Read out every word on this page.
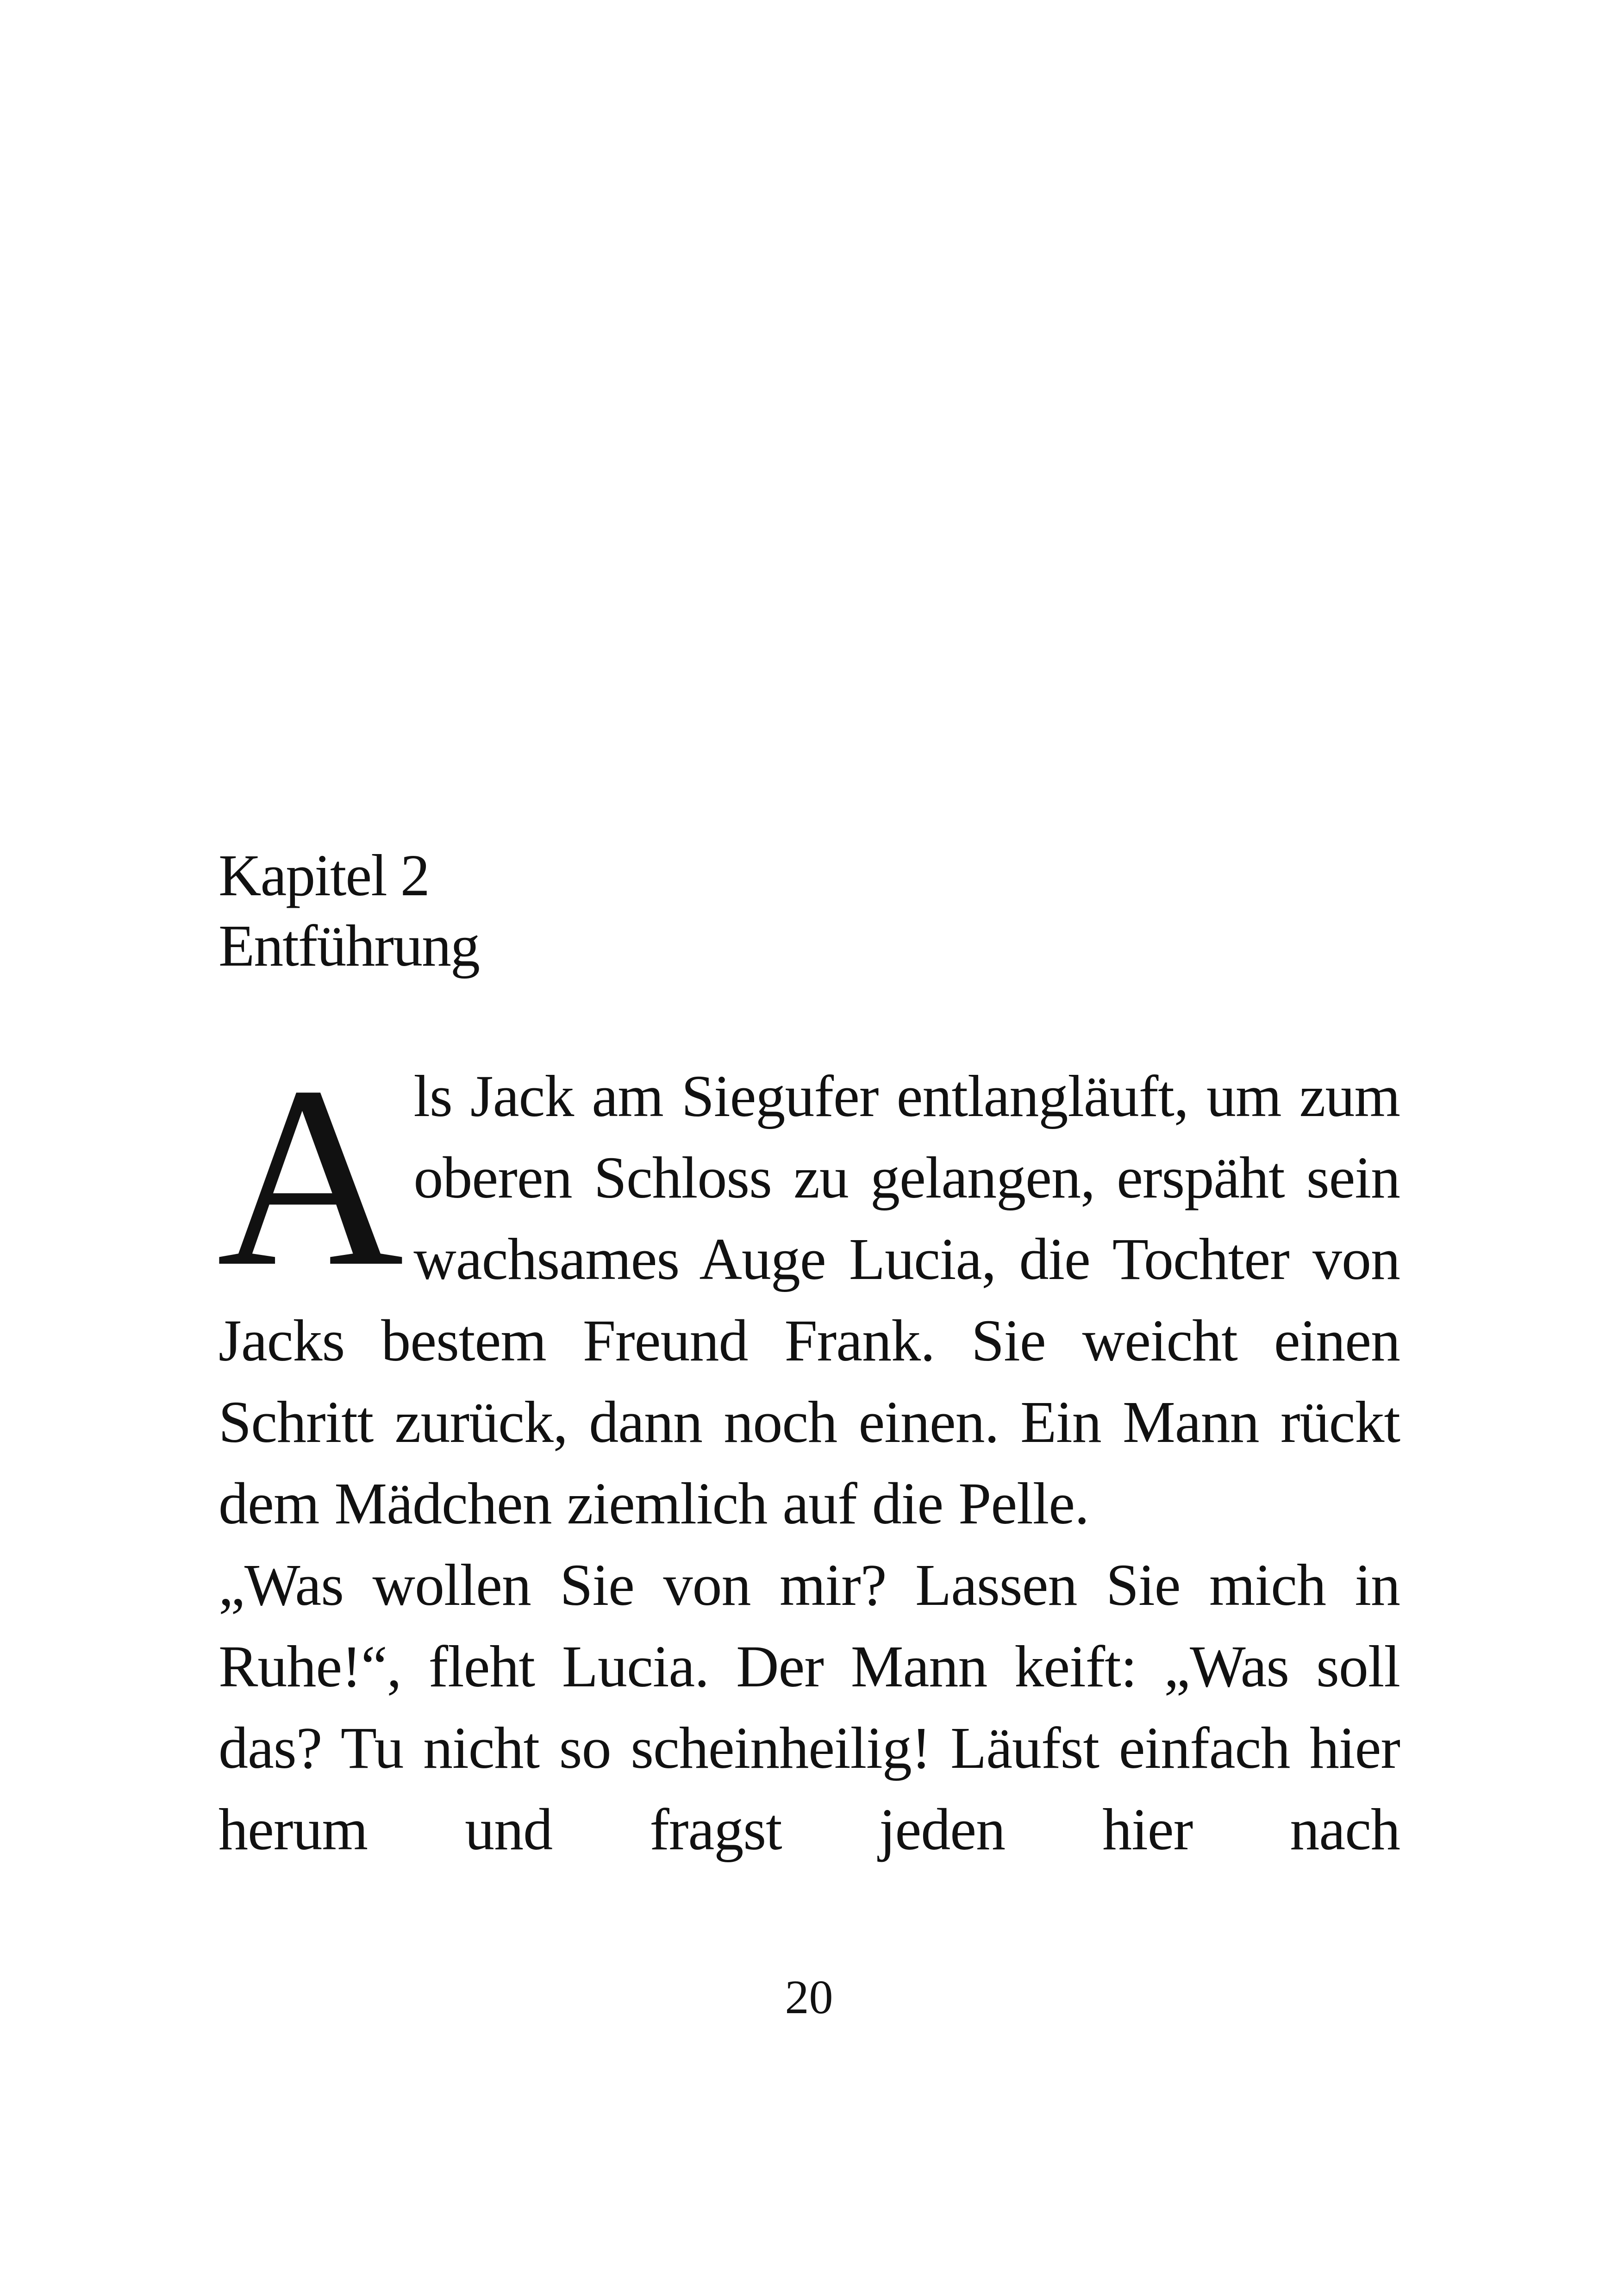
Kapitel 2
Entführung

Als Jack am Siegufer entlangläuft, um zum oberen Schloss zu gelangen, erspäht sein wachsames Auge Lucia, die Tochter von Jacks bestem Freund Frank. Sie weicht einen Schritt zurück, dann noch einen. Ein Mann rückt dem Mädchen ziemlich auf die Pelle.

„Was wollen Sie von mir? Lassen Sie mich in Ruhe!“, fleht Lucia. Der Mann keift: „Was soll das? Tu nicht so scheinheilig! Läufst einfach hier herum und fragst jeden hier nach

20
